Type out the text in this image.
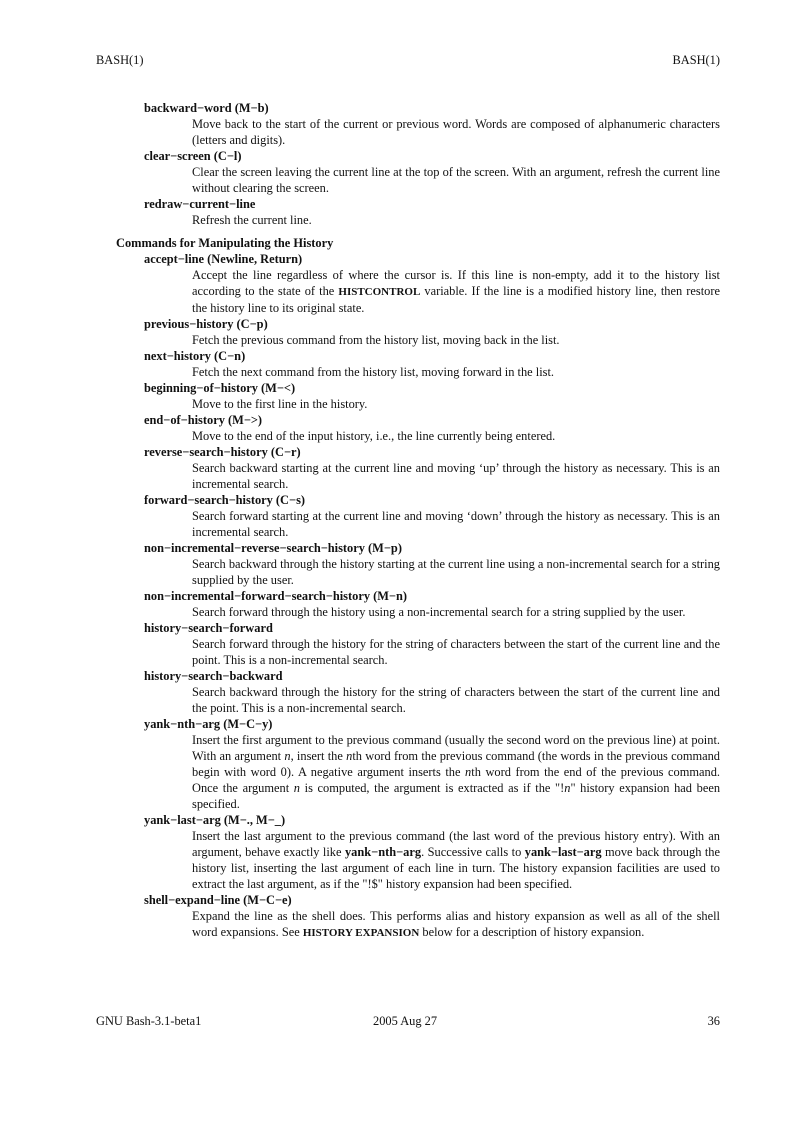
BASH(1)	BASH(1)
backward−word (M−b)
Move back to the start of the current or previous word. Words are composed of alphanumeric characters (letters and digits).
clear−screen (C−l)
Clear the screen leaving the current line at the top of the screen. With an argument, refresh the current line without clearing the screen.
redraw−current−line
Refresh the current line.
Commands for Manipulating the History
accept−line (Newline, Return)
Accept the line regardless of where the cursor is. If this line is non-empty, add it to the history list according to the state of the HISTCONTROL variable. If the line is a modified history line, then restore the history line to its original state.
previous−history (C−p)
Fetch the previous command from the history list, moving back in the list.
next−history (C−n)
Fetch the next command from the history list, moving forward in the list.
beginning−of−history (M−<)
Move to the first line in the history.
end−of−history (M−>)
Move to the end of the input history, i.e., the line currently being entered.
reverse−search−history (C−r)
Search backward starting at the current line and moving ‘up’ through the history as necessary. This is an incremental search.
forward−search−history (C−s)
Search forward starting at the current line and moving ‘down’ through the history as necessary. This is an incremental search.
non−incremental−reverse−search−history (M−p)
Search backward through the history starting at the current line using a non-incremental search for a string supplied by the user.
non−incremental−forward−search−history (M−n)
Search forward through the history using a non-incremental search for a string supplied by the user.
history−search−forward
Search forward through the history for the string of characters between the start of the current line and the point. This is a non-incremental search.
history−search−backward
Search backward through the history for the string of characters between the start of the current line and the point. This is a non-incremental search.
yank−nth−arg (M−C−y)
Insert the first argument to the previous command (usually the second word on the previous line) at point. With an argument n, insert the nth word from the previous command (the words in the previous command begin with word 0). A negative argument inserts the nth word from the end of the previous command. Once the argument n is computed, the argument is extracted as if the "!n" history expansion had been specified.
yank−last−arg (M−., M−_)
Insert the last argument to the previous command (the last word of the previous history entry). With an argument, behave exactly like yank−nth−arg. Successive calls to yank−last−arg move back through the history list, inserting the last argument of each line in turn. The history expansion facilities are used to extract the last argument, as if the "!$" history expansion had been specified.
shell−expand−line (M−C−e)
Expand the line as the shell does. This performs alias and history expansion as well as all of the shell word expansions. See HISTORY EXPANSION below for a description of history expansion.
GNU Bash-3.1-beta1	2005 Aug 27	36
